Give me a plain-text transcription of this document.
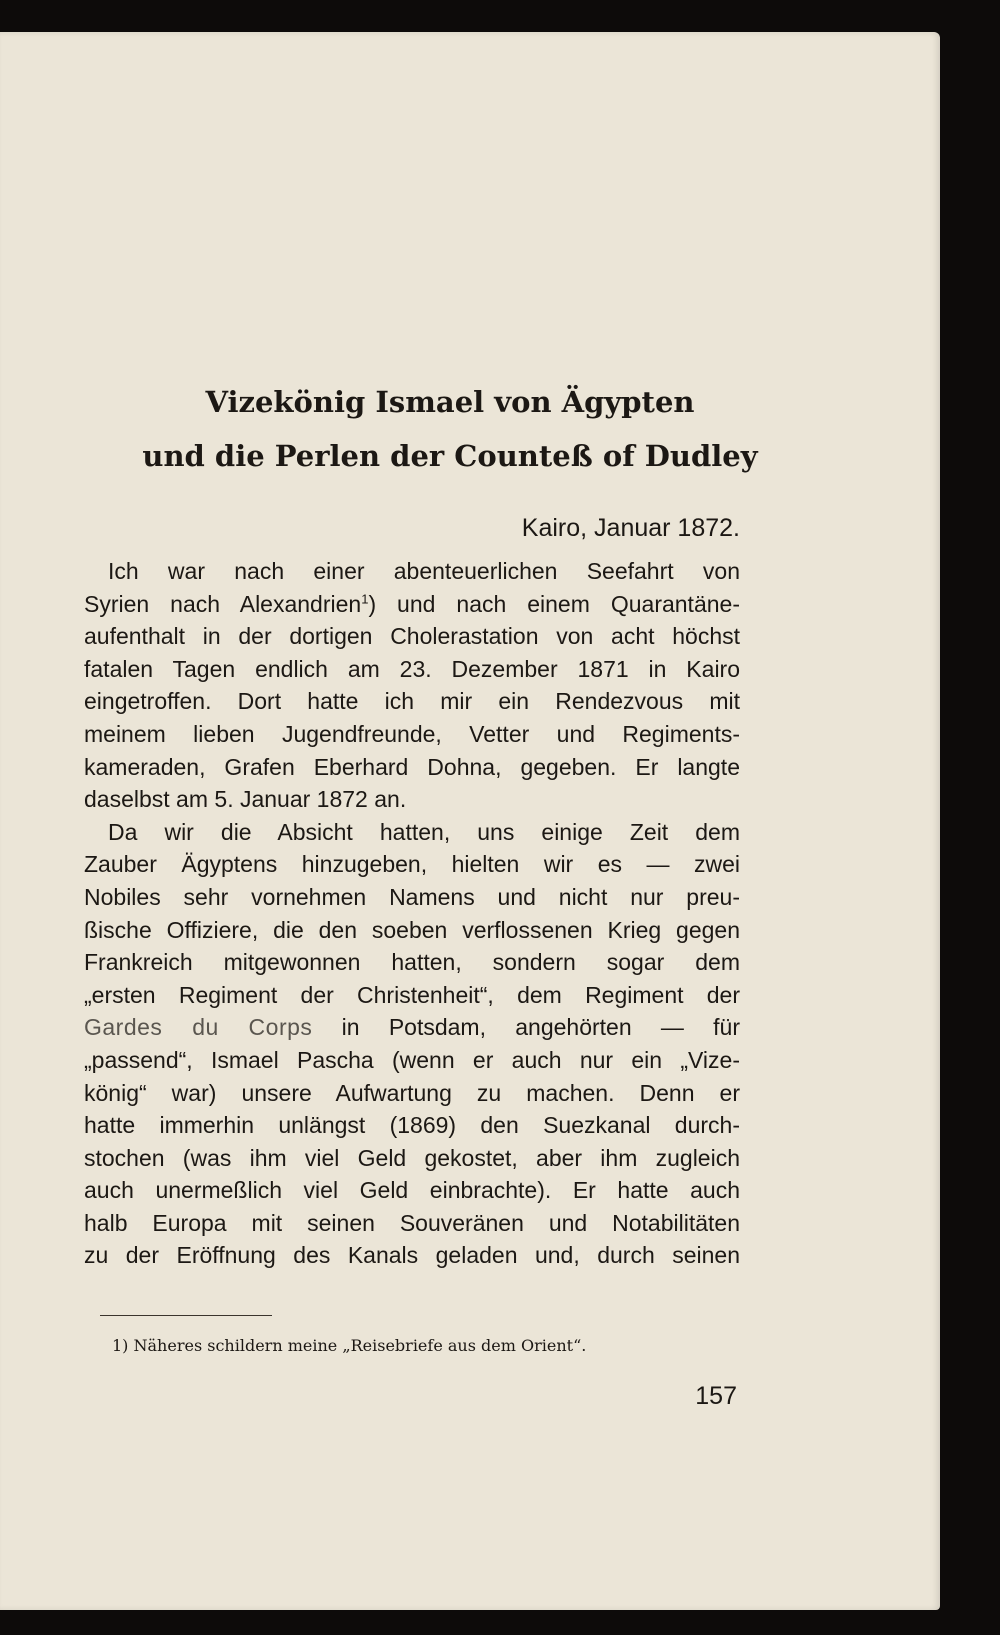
Vizekönig Ismael von Ägypten
und die Perlen der Counteß of Dudley

Kairo, Januar 1872.

Ich war nach einer abenteuerlichen Seefahrt von
Syrien nach Alexandrien$^1$) und nach einem Quarantäne-
aufenthalt in der dortigen Cholerastation von acht höchst
fatalen Tagen endlich am 23. Dezember 1871 in Kairo
eingetroffen. Dort hatte ich mir ein Rendezvous mit
meinem lieben Jugendfreunde, Vetter und Regiments-
kameraden, Grafen Eberhard Dohna, gegeben. Er langte
daselbst am 5. Januar 1872 an.
Da wir die Absicht hatten, uns einige Zeit dem
Zauber Ägyptens hinzugeben, hielten wir es — zwei
Nobiles sehr vornehmen Namens und nicht nur preu-
ßische Offiziere, die den soeben verflossenen Krieg gegen
Frankreich mitgewonnen hatten, sondern sogar dem
„ersten Regiment der Christenheit“, dem Regiment der
Gardes du Corps in Potsdam, angehörten — für
„passend“, Ismael Pascha (wenn er auch nur ein „Vize-
könig“ war) unsere Aufwartung zu machen. Denn er
hatte immerhin unlängst (1869) den Suezkanal durch-
stochen (was ihm viel Geld gekostet, aber ihm zugleich
auch unermeßlich viel Geld einbrachte). Er hatte auch
halb Europa mit seinen Souveränen und Notabilitäten
zu der Eröffnung des Kanals geladen und, durch seinen

1) Näheres schildern meine „Reisebriefe aus dem Orient“.

157
